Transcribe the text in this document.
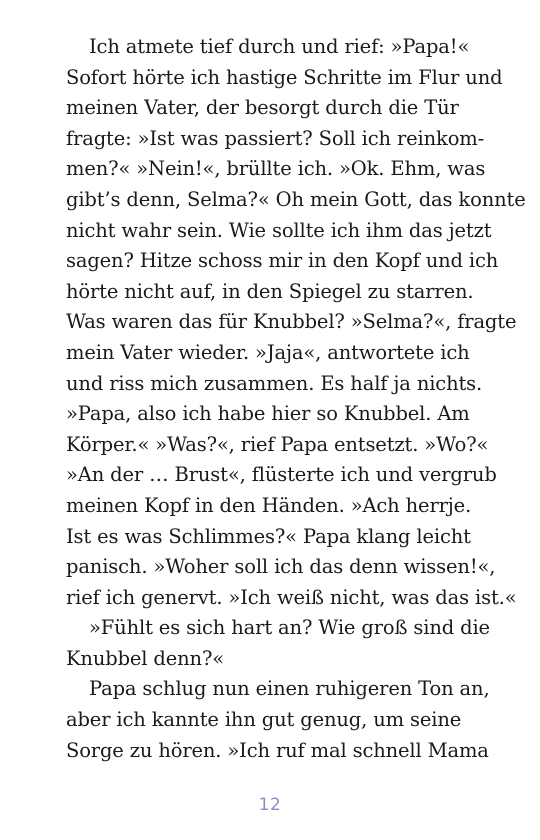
Ich atmete tief durch und rief: »Papa!«
Sofort hörte ich hastige Schritte im Flur und
meinen Vater, der besorgt durch die Tür
fragte: »Ist was passiert? Soll ich reinkom-
men?« »Nein!«, brüllte ich. »Ok. Ehm, was
gibt’s denn, Selma?« Oh mein Gott, das konnte
nicht wahr sein. Wie sollte ich ihm das jetzt
sagen? Hitze schoss mir in den Kopf und ich
hörte nicht auf, in den Spiegel zu starren.
Was waren das für Knubbel? »Selma?«, fragte
mein Vater wieder. »Jaja«, antwortete ich
und riss mich zusammen. Es half ja nichts.
»Papa, also ich habe hier so Knubbel. Am
Körper.« »Was?«, rief Papa entsetzt. »Wo?«
»An der … Brust«, flüsterte ich und vergrub
meinen Kopf in den Händen. »Ach herrje.
Ist es was Schlimmes?« Papa klang leicht
panisch. »Woher soll ich das denn wissen!«,
rief ich genervt. »Ich weiß nicht, was das ist.«
»Fühlt es sich hart an? Wie groß sind die
Knubbel denn?«
Papa schlug nun einen ruhigeren Ton an,
aber ich kannte ihn gut genug, um seine
Sorge zu hören. »Ich ruf mal schnell Mama
12
